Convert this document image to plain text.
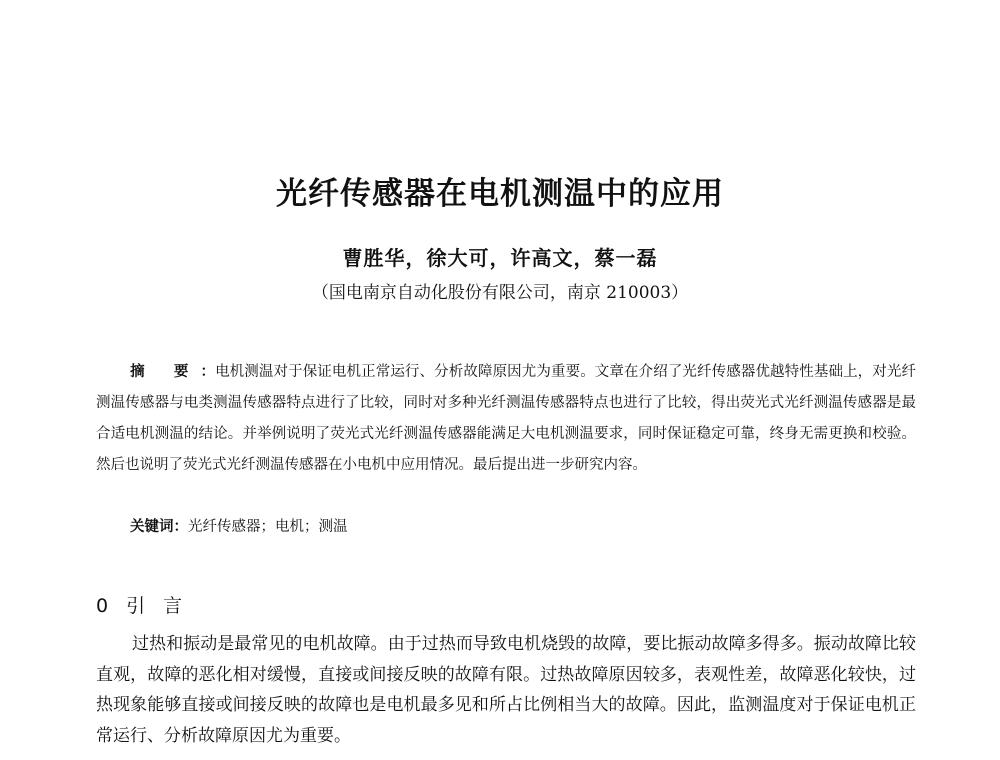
光纤传感器在电机测温中的应用
曹胜华，徐大可，许高文，蔡一磊
（国电南京自动化股份有限公司，南京 210003）
摘 要：电机测温对于保证电机正常运行、分析故障原因尤为重要。文章在介绍了光纤传感器优越特性基础上，对光纤测温传感器与电类测温传感器特点进行了比较，同时对多种光纤测温传感器特点也进行了比较，得出荧光式光纤测温传感器是最合适电机测温的结论。并举例说明了荧光式光纤测温传感器能满足大电机测温要求，同时保证稳定可靠，终身无需更换和校验。然后也说明了荧光式光纤测温传感器在小电机中应用情况。最后提出进一步研究内容。
关键词：光纤传感器；电机；测温
0 引 言
过热和振动是最常见的电机故障。由于过热而导致电机烧毁的故障，要比振动故障多得多。振动故障比较直观，故障的恶化相对缓慢，直接或间接反映的故障有限。过热故障原因较多，表观性差，故障恶化较快，过热现象能够直接或间接反映的故障也是电机最多见和所占比例相当大的故障。因此，监测温度对于保证电机正常运行、分析故障原因尤为重要。
